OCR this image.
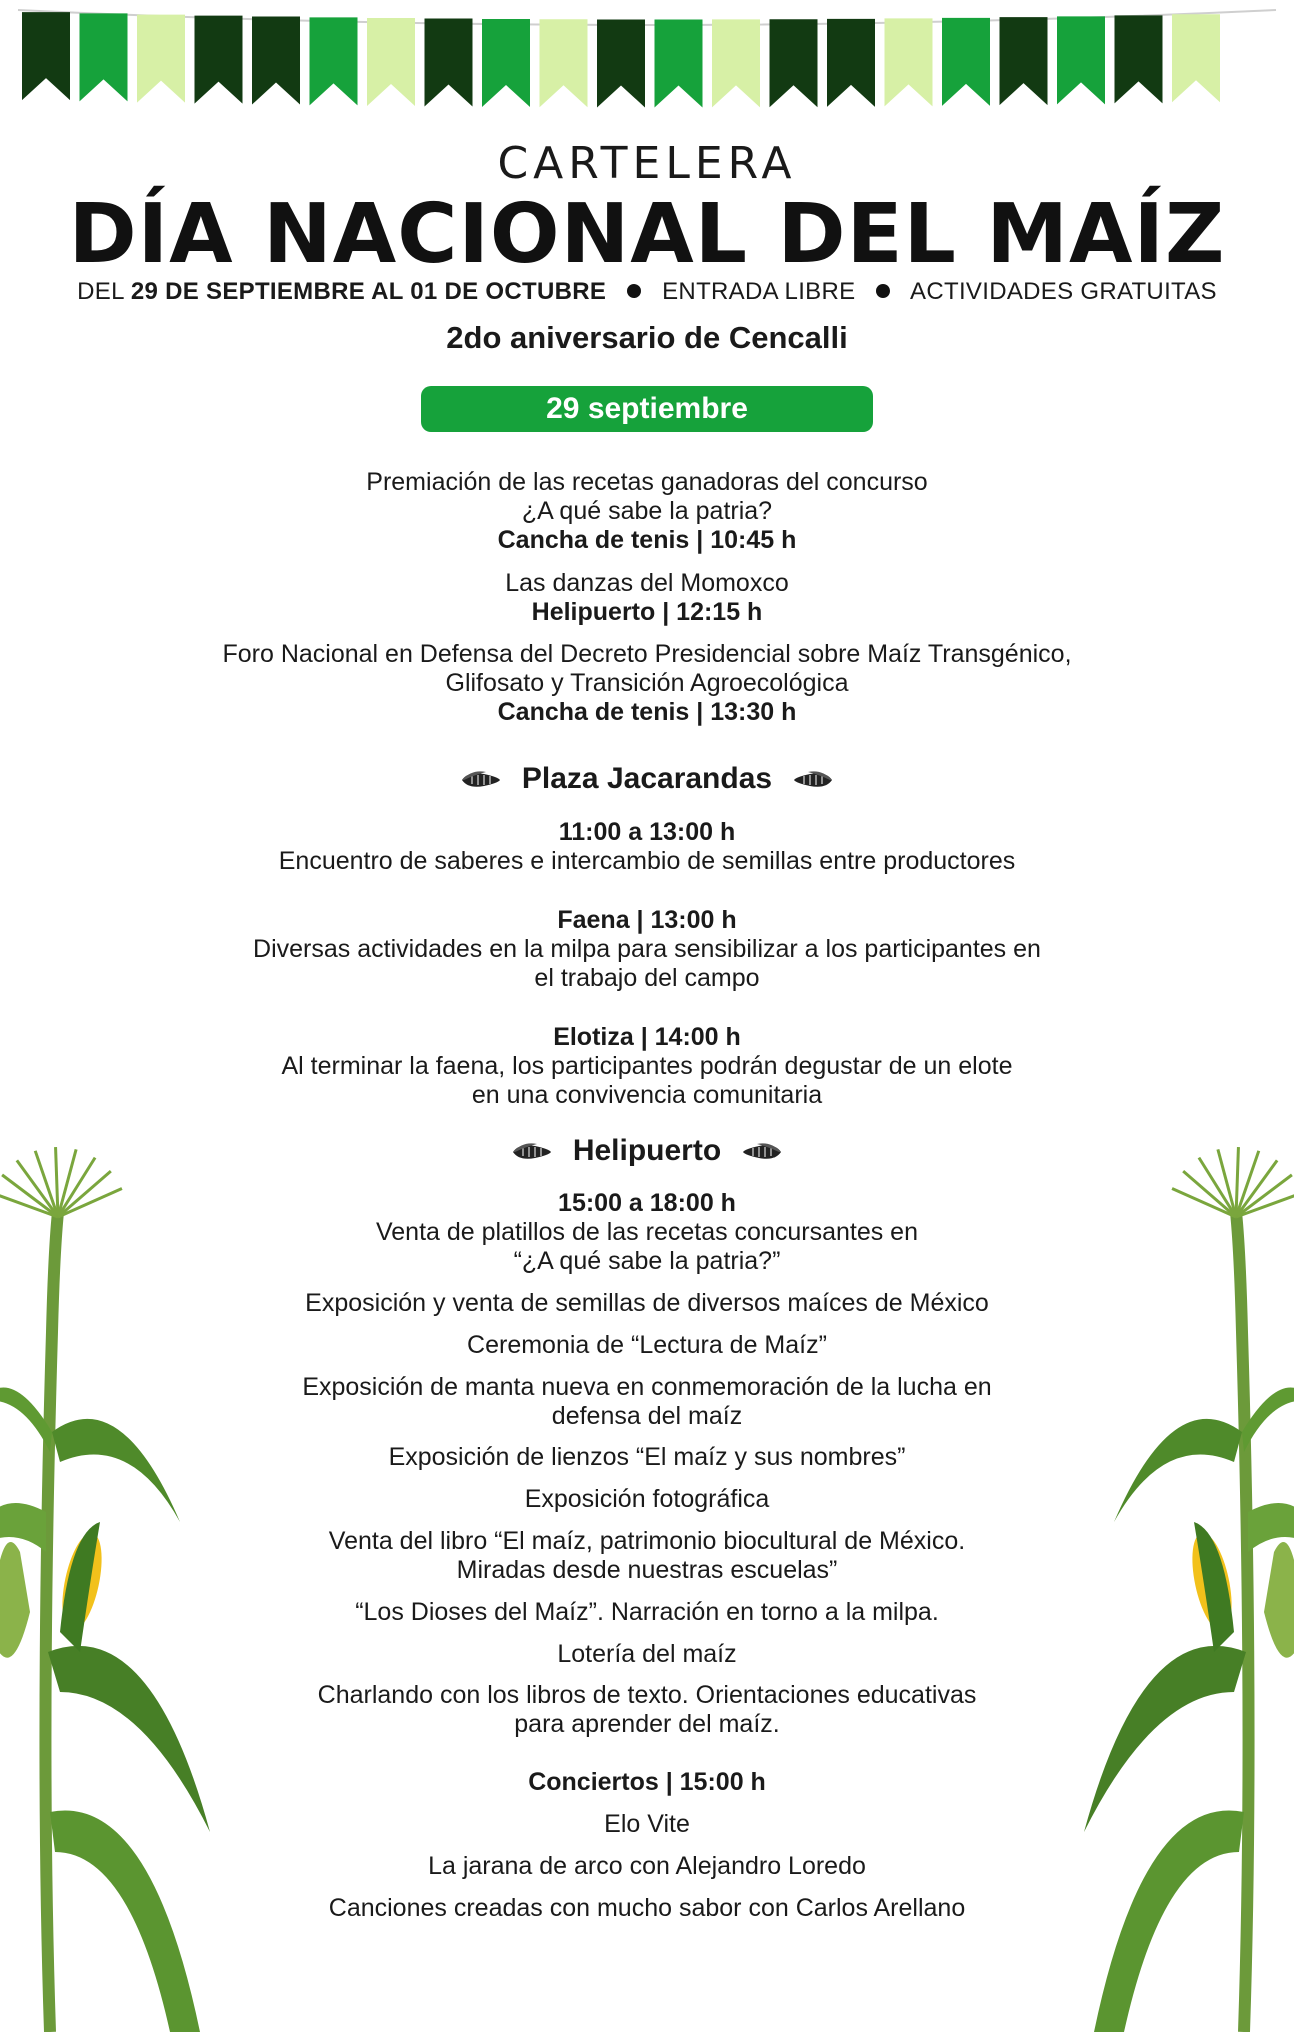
CARTELERA
DÍA NACIONAL DEL MAÍZ
DEL 29 DE SEPTIEMBRE AL 01 DE OCTUBRE ENTRADA LIBRE ACTIVIDADES GRATUITAS
2do aniversario de Cencalli
29 septiembre
Premiación de las recetas ganadoras del concurso
¿A qué sabe la patria?
Cancha de tenis | 10:45 h
Las danzas del Momoxco
Helipuerto | 12:15 h
Foro Nacional en Defensa del Decreto Presidencial sobre Maíz Transgénico,
Glifosato y Transición Agroecológica
Cancha de tenis | 13:30 h
Plaza Jacarandas
11:00 a 13:00 h
Encuentro de saberes e intercambio de semillas entre productores
Faena | 13:00 h
Diversas actividades en la milpa para sensibilizar a los participantes en
el trabajo del campo
Elotiza | 14:00 h
Al terminar la faena, los participantes podrán degustar de un elote
en una convivencia comunitaria
Helipuerto
15:00 a 18:00 h
Venta de platillos de las recetas concursantes en
“¿A qué sabe la patria?”
Exposición y venta de semillas de diversos maíces de México
Ceremonia de “Lectura de Maíz”
Exposición de manta nueva en conmemoración de la lucha en
defensa del maíz
Exposición de lienzos “El maíz y sus nombres”
Exposición fotográfica
Venta del libro “El maíz, patrimonio biocultural de México.
Miradas desde nuestras escuelas”
“Los Dioses del Maíz”. Narración en torno a la milpa.
Lotería del maíz
Charlando con los libros de texto. Orientaciones educativas
para aprender del maíz.
Conciertos | 15:00 h
Elo Vite
La jarana de arco con Alejandro Loredo
Canciones creadas con mucho sabor con Carlos Arellano
